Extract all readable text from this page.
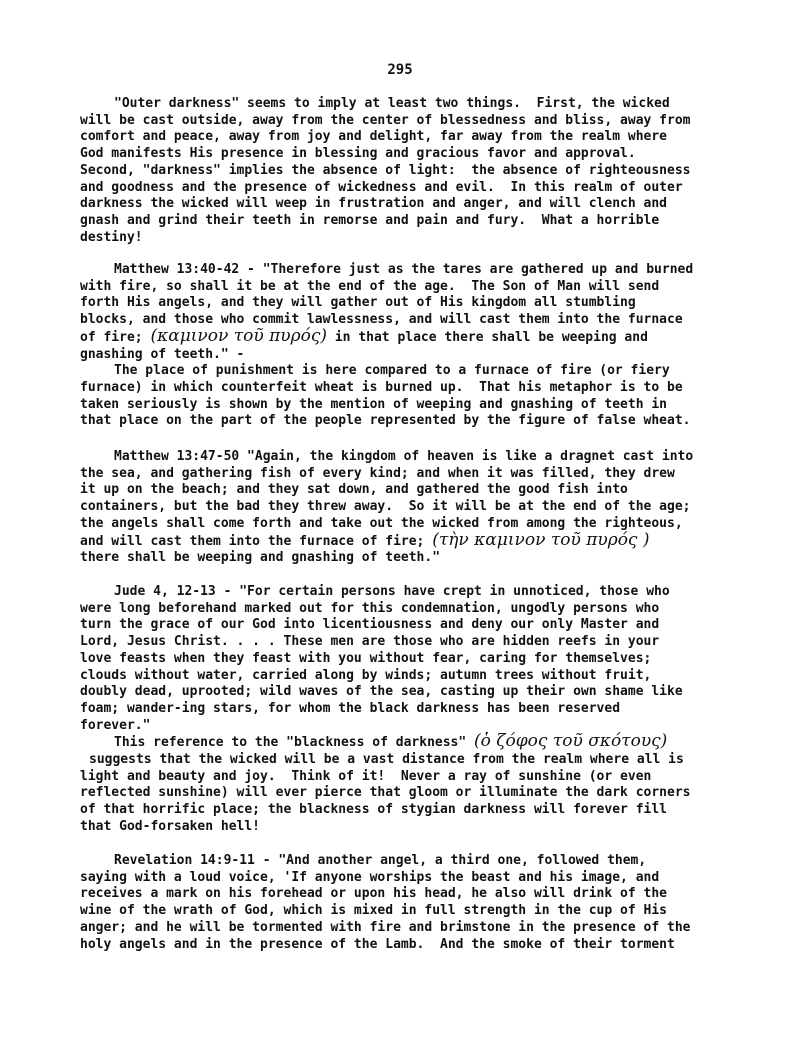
295
"Outer darkness" seems to imply at least two things.  First, the wicked
will be cast outside, away from the center of blessedness and bliss, away from
comfort and peace, away from joy and delight, far away from the realm where
God manifests His presence in blessing and gracious favor and approval.
Second, "darkness" implies the absence of light:  the absence of righteousness
and goodness and the presence of wickedness and evil.  In this realm of outer
darkness the wicked will weep in frustration and anger, and will clench and
gnash and grind their teeth in remorse and pain and fury.  What a horrible
destiny!
Matthew 13:40-42 - "Therefore just as the tares are gathered up and burned
with fire, so shall it be at the end of the age.  The Son of Man will send
forth His angels, and they will gather out of His kingdom all stumbling
blocks, and those who commit lawlessness, and will cast them into the furnace
of fire; (καμινον τοῦ πυρός) in that place there shall be weeping and
gnashing of teeth." -
The place of punishment is here compared to a furnace of fire (or fiery
furnace) in which counterfeit wheat is burned up.  That his metaphor is to be
taken seriously is shown by the mention of weeping and gnashing of teeth in
that place on the part of the people represented by the figure of false wheat.
Matthew 13:47-50 "Again, the kingdom of heaven is like a dragnet cast into
the sea, and gathering fish of every kind; and when it was filled, they drew
it up on the beach; and they sat down, and gathered the good fish into
containers, but the bad they threw away.  So it will be at the end of the age;
the angels shall come forth and take out the wicked from among the righteous,
and will cast them into the furnace of fire; (τὴν καμινον τοῦ πυρός )
there shall be weeping and gnashing of teeth."
Jude 4, 12-13 - "For certain persons have crept in unnoticed, those who
were long beforehand marked out for this condemnation, ungodly persons who
turn the grace of our God into licentiousness and deny our only Master and
Lord, Jesus Christ. . . . These men are those who are hidden reefs in your
love feasts when they feast with you without fear, caring for themselves;
clouds without water, carried along by winds; autumn trees without fruit,
doubly dead, uprooted; wild waves of the sea, casting up their own shame like
foam; wander-ing stars, for whom the black darkness has been reserved
forever."
This reference to the "blackness of darkness" (ὁ ζόφος τοῦ σκότους)
suggests that the wicked will be a vast distance from the realm where all is
light and beauty and joy.  Think of it!  Never a ray of sunshine (or even
reflected sunshine) will ever pierce that gloom or illuminate the dark corners
of that horrific place; the blackness of stygian darkness will forever fill
that God-forsaken hell!
Revelation 14:9-11 - "And another angel, a third one, followed them,
saying with a loud voice, 'If anyone worships the beast and his image, and
receives a mark on his forehead or upon his head, he also will drink of the
wine of the wrath of God, which is mixed in full strength in the cup of His
anger; and he will be tormented with fire and brimstone in the presence of the
holy angels and in the presence of the Lamb.  And the smoke of their torment
